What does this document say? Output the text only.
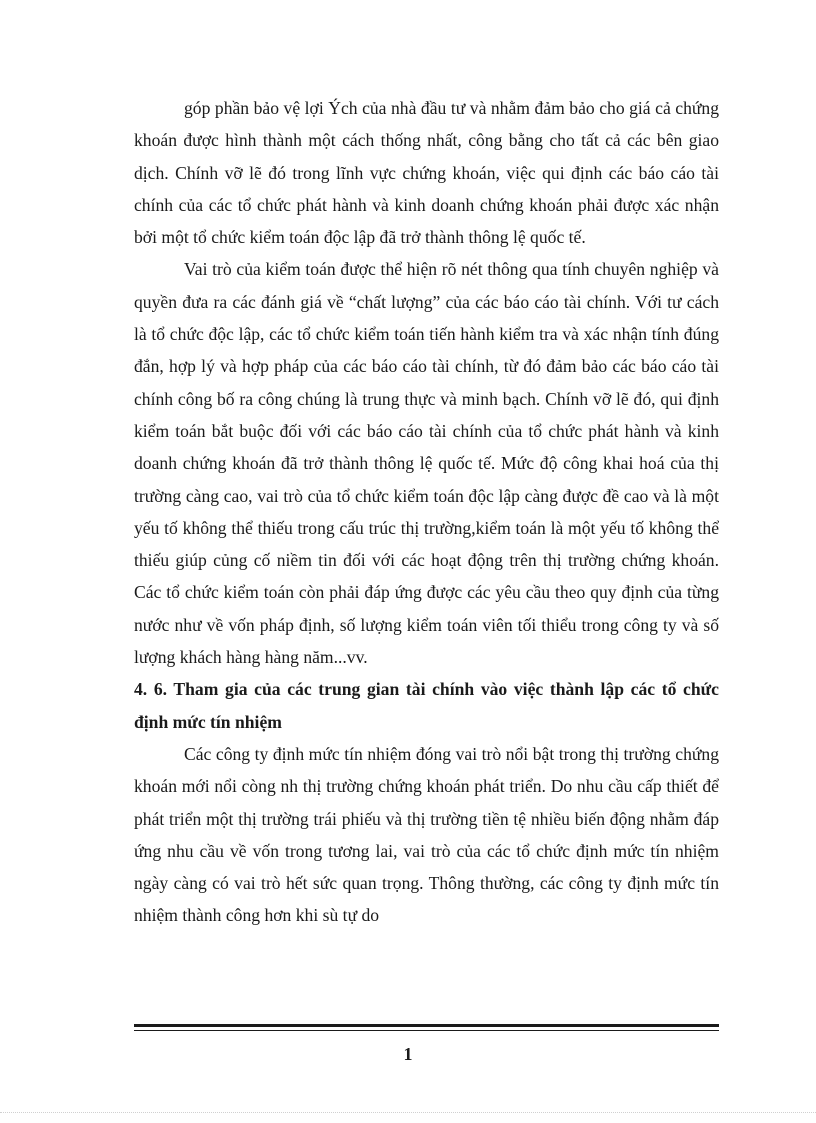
góp phần bảo vệ lợi Ých của nhà đầu tư và nhằm đảm bảo cho giá cả chứng khoán được hình thành một cách thống nhất, công bằng cho tất cả các bên giao dịch. Chính vỡ lẽ đó trong lĩnh vực chứng khoán, việc qui định các báo cáo tài chính của các tổ chức phát hành và kinh doanh chứng khoán phải được xác nhận bởi một tổ chức kiểm toán độc lập đã trở thành thông lệ quốc tế.

Vai trò của kiểm toán được thể hiện rõ nét thông qua tính chuyên nghiệp và quyền đưa ra các đánh giá về “chất lượng” của các báo cáo tài chính. Với tư cách là tổ chức độc lập, các tổ chức kiểm toán tiến hành kiểm tra và xác nhận tính đúng đắn, hợp lý và hợp pháp của các báo cáo tài chính, từ đó đảm bảo các báo cáo tài chính công bố ra công chúng là trung thực và minh bạch. Chính vỡ lẽ đó, qui định kiểm toán bắt buộc đối với các báo cáo tài chính của tổ chức phát hành và kinh doanh chứng khoán đã trở thành thông lệ quốc tế. Mức độ công khai hoá của thị trường càng cao, vai trò của tổ chức kiểm toán độc lập càng được đề cao và là một yếu tố không thể thiếu trong cấu trúc thị trường,kiểm toán là một yếu tố không thể thiếu giúp củng cố niềm tin đối với các hoạt động trên thị trường chứng khoán. Các tổ chức kiểm toán còn phải đáp ứng được các yêu cầu theo quy định của từng nước như về vốn pháp định, số lượng kiểm toán viên tối thiểu trong công ty và số lượng khách hàng hàng năm...vv.

4. 6. Tham gia của các trung gian tài chính vào việc thành lập các tổ chức định mức tín nhiệm

Các công ty định mức tín nhiệm đóng vai trò nổi bật trong thị trường chứng khoán mới nổi còng nh thị trường chứng khoán phát triển. Do nhu cầu cấp thiết để phát triển một thị trường trái phiếu và thị trường tiền tệ nhiều biến động nhằm đáp ứng nhu cầu về vốn trong tương lai, vai trò của các tổ chức định mức tín nhiệm ngày càng có vai trò hết sức quan trọng. Thông thường, các công ty định mức tín nhiệm thành công hơn khi sù tự do

1
